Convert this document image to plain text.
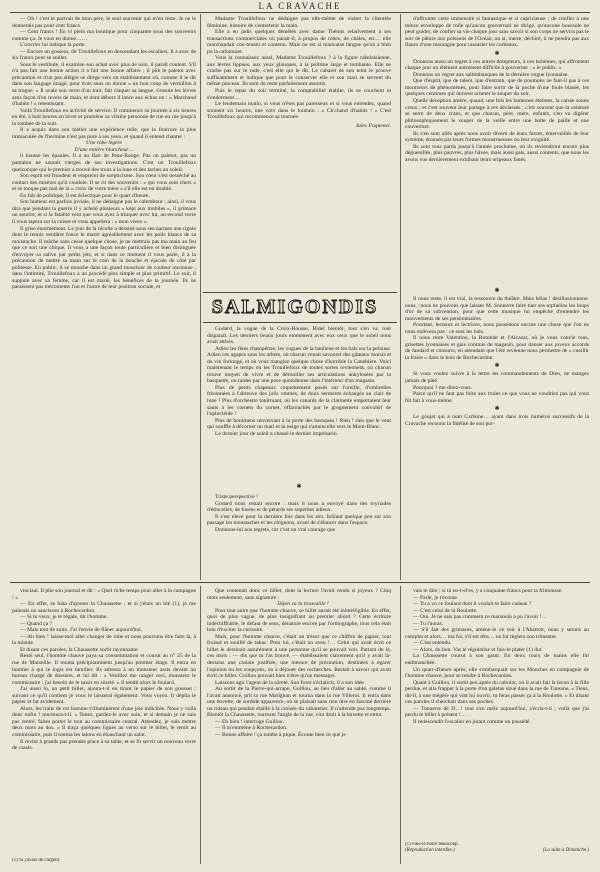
LA CRAVACHE

— Oh ! c'est le portrait de mon père, le seul souvenir qui m'en reste. Je ne le donnerais pas pour cent francs.

— Cent francs ! En vl plein ma boutique pour cinquante sous des souvenirs comme ça. Je vous en donne……

L'ouvrier lui indique la porte.

— Encore un gosseur, dit Trouillefoux en descendant les escaliers. Il a avec de six francs pour se soûler.

Sous le vestibule, il examine son achat avec plus de soin, il paraît content. S'il n'a pas fait une bonne action il a fait une bonne affaire ; il plie le paletot avec précaution et d'un pas allègre se dirige vers un établissement où, comme il le dit dans son langage imagé, pour trois sous on donne « un bon coup de vermillon à sa trogne. » Il avale son verre d'un trait, fait claquer sa langue, s'essuie les lèvres sans façon d'un revers de main, et dont débors il lance aux échos un : « Marchand d'habits ! » retentissant.

Voilà Trouillefoux en activité de service. Il commence sa journée à six heures en été, à huit heures en hiver et promène sa vilaine personne de rue en rue jusqu'à la tombée de la nuit.

Il a acquis dans son métier une expérience telle, que la fourrure la plus immaculée de l'hermine n'est pas pure à ses yeux, et quand il entend chanter :

Une robe légère
D'une entière blancheur…

il hausse les épaules. Il a un flair de Peau-Rouge. Pas un paletot, pas un pantalon ne saurait vierges de ses investigations. C'est un Trouillefoux quelconque qui le premier a trouvé des trous à la lune et des taches au soleil.

Son esprit est frondeur et empreint de scepticisme. Son cœur s'est desséché au contact des misères qu'il coudoie. Il se rit des souvenirs : « qui vous sont chers » et se moque pas mal de la « croix de votre mère » s'il elle est en doublé.

En fait de politique, il est éclectique pour le quart d'heure.

Son humeur est parfois joviale, il ne dédaigne pas le calembour ; ainsi, il vous dira que pendant la guerre il y acheté plusieurs « képi aux mobiles », il grimace un sourire, et si la fatalité veut que vous ayez à trinquer avec lui, au second verre il vous tapera sur la cuisse et vous appellera : « mon vieux ».

Il grise énormément. Le jour de la récolte a dessiné sous ses narines une rigole dont le tennis verdâtre fonce le marre agréablement avec les poils blancs de sa moustache. Il mâche sans cesse quelque chose, je ne mettrais pas ma main au feu que ce soit une chique. Il vous a une façon toute particulière et bien distinguée d'envoyer sa salive par petits jets, et si dans ce moment il vous parle, il a la précaution de mettre sa main sur le coin de la bouche et éjacule de côté par politesse. En public, il se mouche dans un grand mouchoir de couleur inconnue ; dans l'intimité, Trouillefoux a un procédé plus simple et plus primitif. Le soir, il suppute avec sa femme, car il est marié, les bénéfices de la journée. Ils ne paraissent pas mécontents l'un et l'autre de leur position sociale, et

Madame Trouillefoux ne dédaigne pas elle-même de visiter la clientèle féminine, histoire de s'entretenir la main.

Elle a eu jadis quelques démêlés avec dame Thémis relativement à ses transactions commerciales où parait-il, à propos de robes, de châles, etc… elle marchandait con-tenant et contenu. Mais ou est si mauvaise langue qu'on a bien pu la calomnier.

Vous la connaissez aussi, Madame Trouillefoux ? à la figure rabelaisienne, aux lèvres lippues, aux yeux glauques, à la poitrine large et tombante. Elle ne crache pas sur le rude, c'est elle qui le dit. Le cabaret de son teint le prouve suffisamment et indique que pour le conserver elle et son mari se servent du même pinceau. Ils sont du reste parfaitement assortis.

Puis le repas du soir terminé, la comptabilité établie, ils se couchent et s'endorment…

Le lendemain matin, si vous n'êtes pas paresseux et si vous entendez, quand sonnent six heures, une voix dans le lointain : « Ch'chand d'habits ! » C'est Trouillefoux qui recommence sa tournée.

Jules Foquenel.
SALMIGONDIS

Godard, la vogue de la Croix-Rousse, Bidel bientôt, tout s'en va, tout disparaît. Les derniers beaux jours emmènent avec eux ceux que le soleil nous avait attirés.

Adieu les fêtes champêtres, les vogues de la banlieue et les bals sur la pelouse. Adieu ces agapes sous les arbres, où chacun venait savourer des gâteaux moisis et du vin forlongé, et où vous mangiez quelque chose d'horrible la Canebière. Voici maintenant le temps où les Trouillefoux de toutes sortes reviennent, où chacun trouve moyen de vivre et de dérouiller ses articulations ankylosées par la basquette, ou raides par une pose quotidienne dans l'intérieur d'un magasin.

Plus de petits chapeaux coquettement posés sur l'oreille, d'ombrelles frisonnées à l'abreuve des jolis ommes, de doux serments échangés au clair de lune ! Plus d'orchestre tonitruant, où les canards de la clarinette emportaient leur sauts à les cornets du cornet, effarouchés par le grognement convulsif de l'ophicléide !

Plus de bonimens renversant à la porte des baraques ! Rien ! rien que le vent qui souffle à décorner un mari et la neige qui s'amoncelle vers le Mont-Blanc.

Le dernier jour de soleil a chassé le dernier imprésario.

✱

Triste perspective !

Godard nous restait encore : mais il nous a envoyé dans des myriades d'étincelles, de fusées et de pétards ses superbes adieux.

Il s'est élevé pour la dernière fois dans les airs, brûlant quelque peu sur son passage les moustaches et les chignons, avant de s'élancer dans l'espace.

Donnons-lui nos regrets, car c'est un vrai courage que

d'affronter cette immensité si fantastique et si capricieuse ; de confier à une mince enveloppe de toile qu'aucun gouvernail ne dirige, qu'aucune boussole ne peut guider, de confier sa vie chaque jour sans savoir si son corps ne servira pas le soir de pâture aux poissons de l'Océan, ou si, inerte, déchiré, il ne pendra pas aux flancs d'une montagne pour rassasier les corbeaux.

✱

Donnons aussi un regret à ces autres dompteurs, à ces bohèmes, qui affrontent chaque jour un élément autrement difficile à gouverner : « le public. »

Donnons un regret aux saltimbanques de la dernière vogue lyonnaise.

Que d'esprit, que de talent, que d'entrain, que de poumons ne faut-il pas à ces montreurs de phénomènes, pour faire sortir de la poche d'une foule blasée, les quelques centimes qui doivent acheter le souper du soir.

Quelle déception amère, quand, une fois les lanternes éteintes, la caisse sonne creux ; et c'est souvent leur partage à ces déclassés ; c'est souvent que la ceinture se serre de deux crans, et que chacun, père, mère, enfants, s'en va digérer philosophiquement le souper de la veille entre une botte de paille et une couverture.

Ils s'en sont allés après nous avoir diverti de leurs farces, émerveillés de leur système, étonnés par leurs formes monstrueuses ou leur exiguïté.

Ils sont tous partis jusqu'à l'année prochaine, où ils reviendront encore plus déguenillés, plus pauvres, plus hâves, mais aussi gais, aussi contents, que nous les avons vus dernièrement exhibant leurs oripeaux fanés.

✱

Il nous reste, il est vrai, la ressource du théâtre. Mais hélas ! désillusionnons-nous ; nous ne pouvons que laisser M. Sonnerre faire tuer ses orphelins les loups d'or de sa subvention, pour que cette musique lui empêche d'entendre les mouvements de ses pensionnaires.

Pourtant, lecteurs et lectrices, nous possédons encore une chose que l'on ne nous enlèvera pas : ce sont les bals.

Il nous reste Valentino, la Rotonde et l'Alcazar, où je vous convie tous, grisettes lyonnaises et gais commis de magasin, pour danser aux joyeux accords de Jandard et consorts, en attendant que l'été revienne nous permettre de « cueillir la fraise » dans le bois de Rochecardon.

✱

Si vous voulez suivre à la lettre les commandements de Dieu, ne mangez jamais de pâté.

Pourquoi ? me direz-vous.

Parce qu'il ne faut pas faire aux truies ce que vous ne voudriez pas qui vous fût fait à vous-même.

✱

Le goujat qui a nom Carbone… ayant dans trois numéros successifs de la Cravache reconnu la fidélité de son por-

vinciaal. Il plie son journal et dit : « Quel riche temps pour aller à la campagne ! »

— En effet, se hâta d'ajouter la Chaussette ; et si j'étais un blé (1), je me paierais un saucisson à Rochecardon.

— Si tu veux, je te régale, dit l'homme.

— Quand ça ?

— Mais tout de suite. J'ai l'envie de flâner aujourd'hui.

— Ah bien ! laisse-moi aller changer de robe et nous pourrons être faits là, à la minute.

Et disant ces paroles, la Chaussette sortit rayonnante.

Resté seul, l'homme chauve paya sa consommation et courut au n° 25 de la rue de Marseille. Il monta précipitamment jusqu'au premier étage. Il entra en homme à qui le logis est familier. Ils adressa à un monsieur assis devant un bureau chargé de dossiers, et lui dit : « Veuillez me ranger ceci, monsieur le commissaire ; j'ai besoin de le saisir en sûreté. » Il tendit alors le foulard.

J'ai aussi lu, un petit billet, ajouta-t-il en tirant le papier de son gousset ; suivant ce qu'il contient je vous le laisserai également. Vous voyez. Il déplia le papier et lut avidement.

Alors, les traits de cet homme s'illuminèrent d'une joie indicible. Nous y voilà donc enfin ! murmura-t-il. « Tenez, gardez-le avec soin, et si demain je ne suis pas rentré, faites porter le tout au commissaire central. Attendez, je vais mettre deux mots au dos. » Il traça quelques lignes au verso sur le billet, le remit au commissaire, puis il tourna les talons en ébauchant un salut.

Il revint à grands pas prendre place à sa table, et se fit servir un nouveau verre de cassis.

(1) Si j'avais de l'argent.

Que contenait donc ce billet, dont la lecture l'avait rendu si joyeux ? Cinq mots seulement, sans signature :

Dijon va la trouvaille !

Pour tout autre que l'homme chauve, ce billet aurait été inintelligible. En effet, quoi de plus vague, de plus insignifiant au premier abord ? Cette écriture indéchiffrable, le défaut de sens, dénature encore par l'orthographe, tous cela était loin d'exciter la curiosité.

Mais, pour l'homme chauve, c'était un trésor que ce chiffon de papier, tout froissé et souillé de tabac. Pour lui, c'était un aveu !… Celui qui avait écrit ce billet le destinait assurément à une personne qu'il se pouvait voir. Partant de là, ces mots : — dis que tu l'as trouvé, — établissaient clairement qu'il y avait là-dessous une crainte justifiée, une mesure de précaution, destinées à égarer l'opinion ou les soupçons, ou à déjouer des recherches. Restait à savoir qui avait écrit ce billet. Guillou pouvait bien n'être qu'un messager.

Laissons agir l'agent de la sûreté. Son front s'éclaircit, il a son idée.

Au sortir de la Pierre-qui-arrape, Guillou, au lieu d'aller au sablé, comme il l'avait annoncé, prit la rue Marignan et tourna dans la rue Villeroi. Il entra dans une buvette, de sordide apparence, où se plaisait sans rien dire en fasciné derrière un rideau qui pendait étaillé à la croisée du cabaretier. Il n'attendit pas longtemps. Bientôt la Chaussette, tournant l'angle de la rue, vint droit à la buvette et entra.

— Eh bien ! interroge Guillou.

— Il m'emmène à Rochecardon.

— Bonne affaire ! ça tombe à pique. Écoute bien ce que je

vais te dire ; si tu en-t-el'es, y a cinquante francs pour ta frimousse.

— Parle, je t'écoute.

— Tu a vu ce foulard dont il voulait te faire cadeau ?

— C'est celui de la Roulotte.

— Oui. Je ne sais pas comment ce marsouin a pu l'avoir !…

— Tu l'auras.

— S'il fait des grimaces, amène-le ce soir à l'Abattoir, nous y serons au complet et alors… ma foi, s'il est têtu… on lui réglera son trimestre.

— C'est entendu.

— Alors, du bon. Vas te régularise et fais-le plater (1) dur.

La Chaussette courut à son garni. En deux tours de mains elle fut endimanchée.

Un quart-d'heure après, elle s'embarquait sur les Mouches en compagnie de l'homme chauve, pour se rendre à Rochecardon.

Quant à Guillou, il sortit peu après du cabolot, où il avait fait la lecon à la fille perdue, et alla frapper à la porte d'un galetas situé dans la rue de Turenne. « Tiens, dit-il, à une mégère qui vint lui ouvrir, tu feras passer ça à la Roulotte. » Et disant ces paroles il cherchait dans ses poches.

— Tonnerre de D…! tout s'en mêle aujourd'hui, s'écria-t-il ; voilà que j'ai perdu le billet à présent !…

Il redescendit l'escalier en jurant comme un possédé.

(1) Fais-le boire beaucoup.
(Reproduction interdite.)	(La suite à Dimanche.)
